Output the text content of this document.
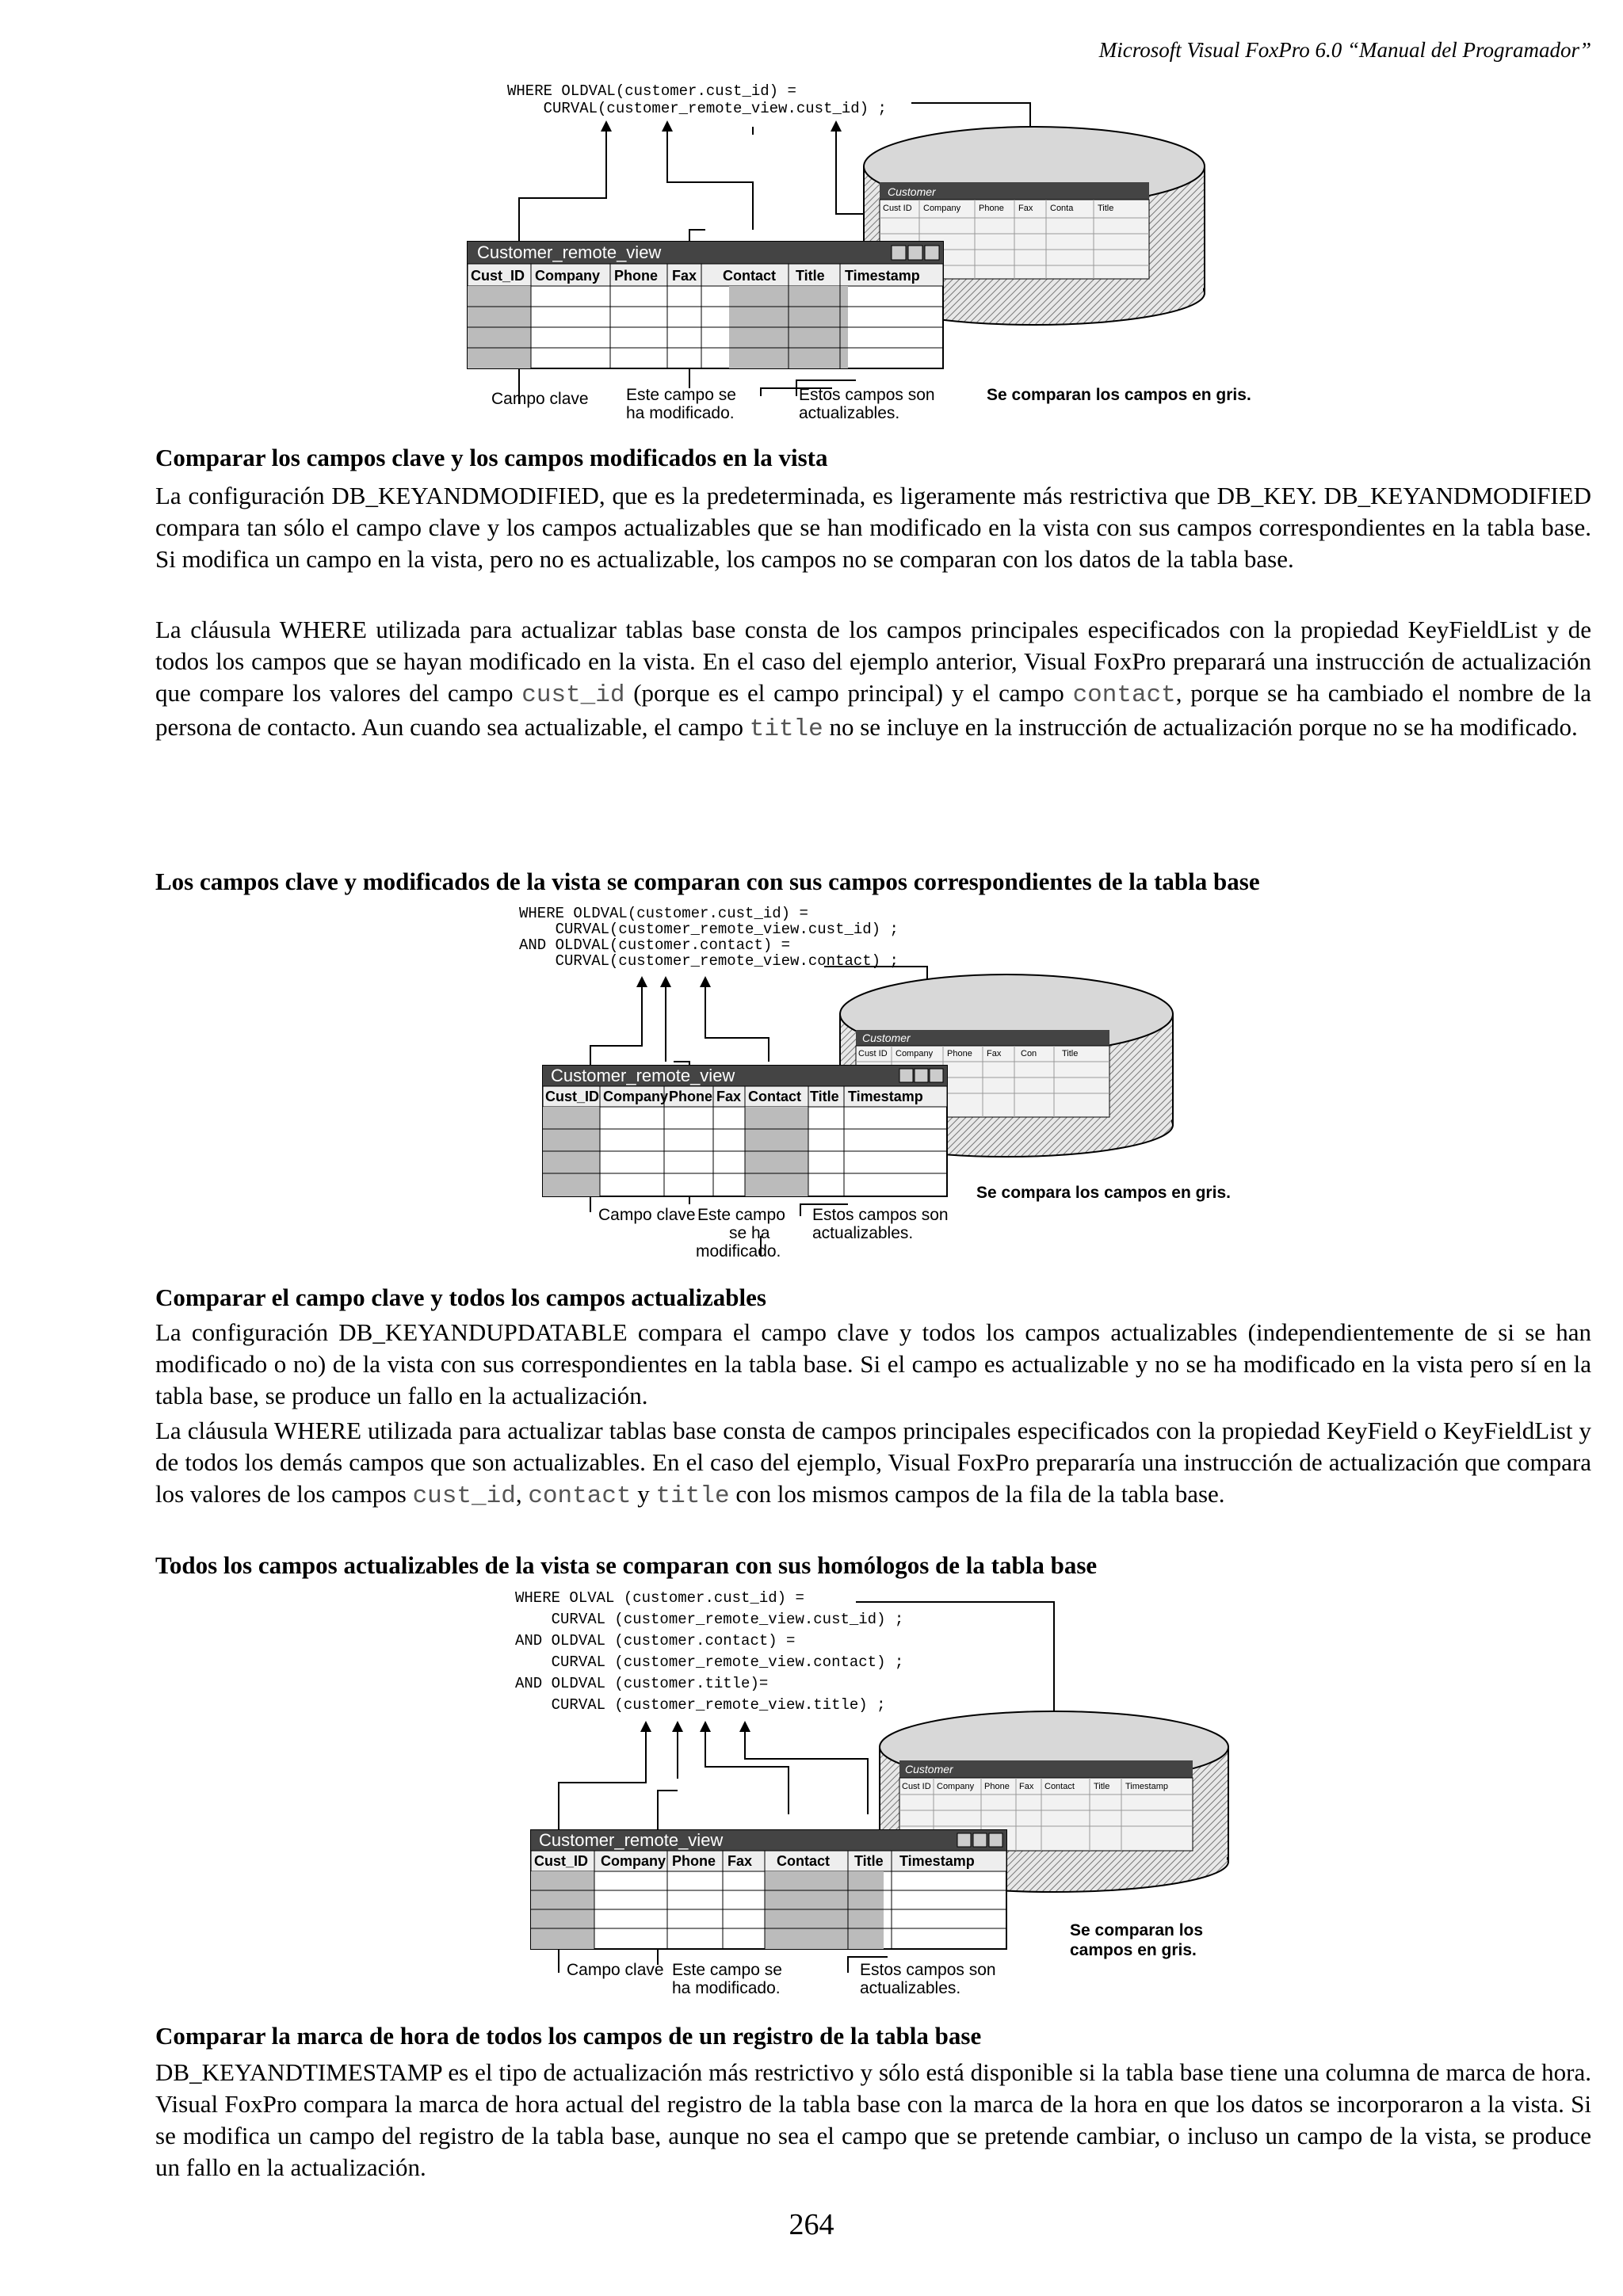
Microsoft Visual FoxPro 6.0 “Manual del Programador”
WHERE OLDVAL(customer.cust_id) =
CURVAL(customer_remote_view.cust_id) ;
Customer
Cust ID Company Phone Fax Conta	Title
Customer_remote_view
Cust_ID Company Phone Fax Contact Title Timestamp
Campo clave Este campo se
ha modificado.
Estos campos son
actualizables.
Se comparan los campos en gris.
Comparar los campos clave y los campos modificados en la vista

La configuración DB_KEYANDMODIFIED, que es la predeterminada, es ligeramente más restrictiva que DB_KEY. DB_KEYANDMODIFIED compara tan sólo el campo clave y los campos actualizables que se han modificado en la vista con sus campos correspondientes en la tabla base. Si modifica un campo en la vista, pero no es actualizable, los campos no se comparan con los datos de la tabla base.

La cláusula WHERE utilizada para actualizar tablas base consta de los campos principales especificados con la propiedad KeyFieldList y de todos los campos que se hayan modificado en la vista. En el caso del ejemplo anterior, Visual FoxPro preparará una instrucción de actualización que compare los valores del campo cust_id (porque es el campo principal) y el campo contact, porque se ha cambiado el nombre de la persona de contacto. Aun cuando sea actualizable, el campo title no se incluye en la instrucción de actualización porque no se ha modificado.

Los campos clave y modificados de la vista se comparan con sus campos correspondientes de la tabla base
WHERE OLDVAL(customer.cust_id) =
CURVAL(customer_remote_view.cust_id) ;
AND OLDVAL(customer.contact) =
CURVAL(customer_remote_view.contact) ;
Customer
Cust ID Company Phone Fax Con	Title
Customer_remote_view
Cust_ID Company Phone Fax Contact Title Timestamp
Campo clave Este campo
se ha
modificado.
Estos campos son
actualizables.
Se compara los campos en gris.
Comparar el campo clave y todos los campos actualizables

La configuración DB_KEYANDUPDATABLE compara el campo clave y todos los campos actualizables (independientemente de si se han modificado o no) de la vista con sus correspondientes en la tabla base. Si el campo es actualizable y no se ha modificado en la vista pero sí en la tabla base, se produce un fallo en la actualización.

La cláusula WHERE utilizada para actualizar tablas base consta de campos principales especificados con la propiedad KeyField o KeyFieldList y de todos los demás campos que son actualizables. En el caso del ejemplo, Visual FoxPro prepararía una instrucción de actualización que compara los valores de los campos cust_id, contact y title con los mismos campos de la fila de la tabla base.

Todos los campos actualizables de la vista se comparan con sus homólogos de la tabla base
WHERE OLVAL (customer.cust_id) =
CURVAL (customer_remote_view.cust_id) ;
AND OLDVAL (customer.contact) =
CURVAL (customer_remote_view.contact) ;
AND OLDVAL (customer.title)=
CURVAL (customer_remote_view.title) ;
Customer
Cust ID Company Phone Fax Contact Title Timestamp
Customer_remote_view
Cust_ID Company Phone Fax Contact Title Timestamp
Campo clave Este campo se
ha modificado.
Estos campos son
actualizables.
Se comparan los
campos en gris.
Comparar la marca de hora de todos los campos de un registro de la tabla base

DB_KEYANDTIMESTAMP es el tipo de actualización más restrictivo y sólo está disponible si la tabla base tiene una columna de marca de hora. Visual FoxPro compara la marca de hora actual del registro de la tabla base con la marca de la hora en que los datos se incorporaron a la vista. Si se modifica un campo del registro de la tabla base, aunque no sea el campo que se pretende cambiar, o incluso un campo de la vista, se produce un fallo en la actualización.

264
